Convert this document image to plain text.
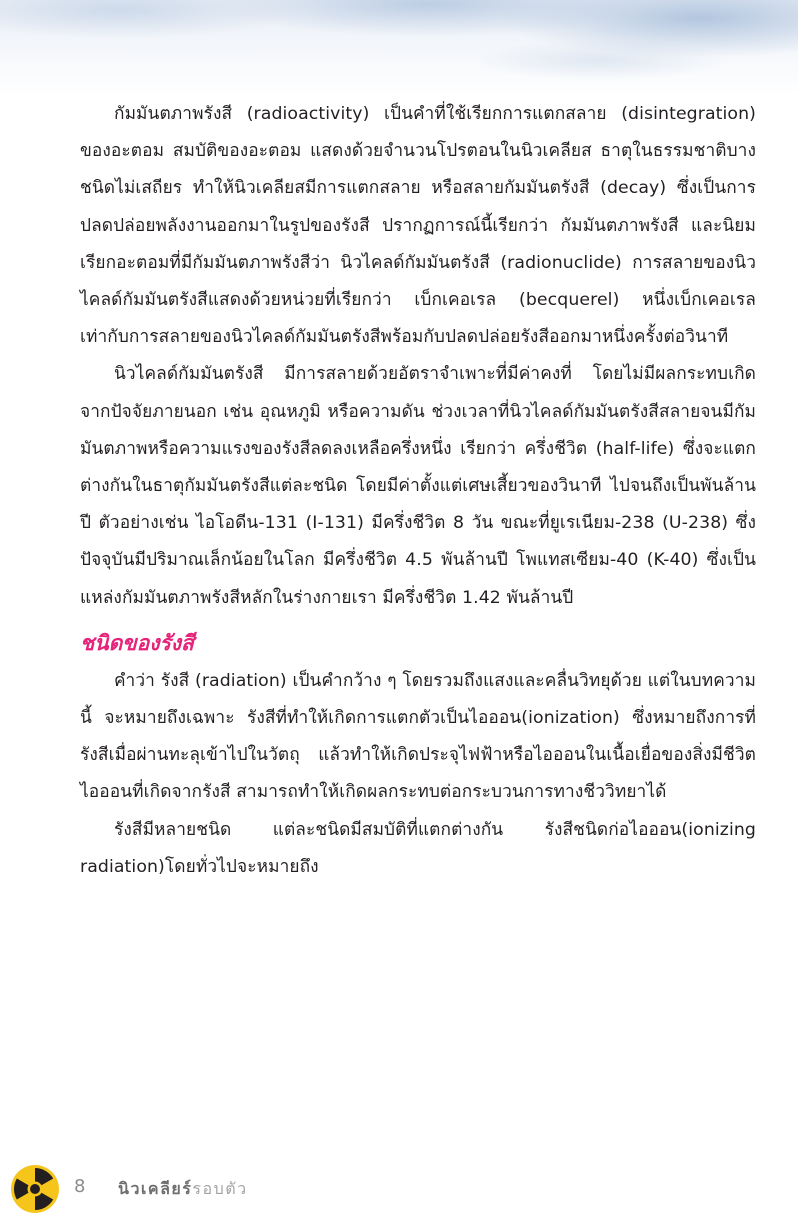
กัมมันตภาพรังสี (radioactivity) เป็นคำที่ใช้เรียกการแตกสลาย (disintegration) ของอะตอม สมบัติของอะตอม แสดงด้วยจำนวนโปรตอนในนิวเคลียส ธาตุในธรรมชาติบางชนิดไม่เสถียร ทำให้นิวเคลียสมีการแตกสลาย หรือสลายกัมมันตรังสี (decay) ซึ่งเป็นการปลดปล่อยพลังงานออกมาในรูปของรังสี ปรากฏการณ์นี้เรียกว่า กัมมันตภาพรังสี และนิยมเรียกอะตอมที่มีกัมมันตภาพรังสีว่า นิวไคลด์กัมมันตรังสี (radionuclide) การสลายของนิวไคลด์กัมมันตรังสีแสดงด้วยหน่วยที่เรียกว่า เบ็กเคอเรล (becquerel) หนึ่งเบ็กเคอเรล เท่ากับการสลายของนิวไคลด์กัมมันตรังสีพร้อมกับปลดปล่อยรังสีออกมาหนึ่งครั้งต่อวินาที

นิวไคลด์กัมมันตรังสี มีการสลายด้วยอัตราจำเพาะที่มีค่าคงที่ โดยไม่มีผลกระทบเกิดจากปัจจัยภายนอก เช่น อุณหภูมิ หรือความดัน ช่วงเวลาที่นิวไคลด์กัมมันตรังสีสลายจนมีกัมมันตภาพหรือความแรงของรังสีลดลงเหลือครึ่งหนึ่ง เรียกว่า ครึ่งชีวิต (half-life) ซึ่งจะแตกต่างกันในธาตุกัมมันตรังสีแต่ละชนิด โดยมีค่าตั้งแต่เศษเสี้ยวของวินาที ไปจนถึงเป็นพันล้านปี ตัวอย่างเช่น ไอโอดีน-131 (I-131) มีครึ่งชีวิต 8 วัน ขณะที่ยูเรเนียม-238 (U-238) ซึ่งปัจจุบันมีปริมาณเล็กน้อยในโลก มีครึ่งชีวิต 4.5 พันล้านปี โพแทสเซียม-40 (K-40) ซึ่งเป็นแหล่งกัมมันตภาพรังสีหลักในร่างกายเรา มีครึ่งชีวิต 1.42 พันล้านปี

ชนิดของรังสี

คำว่า รังสี (radiation) เป็นคำกว้าง ๆ โดยรวมถึงแสงและคลื่นวิทยุด้วย แต่ในบทความนี้ จะหมายถึงเฉพาะ รังสีที่ทำให้เกิดการแตกตัวเป็นไอออน(ionization) ซึ่งหมายถึงการที่รังสีเมื่อผ่านทะลุเข้าไปในวัตถุ แล้วทำให้เกิดประจุไฟฟ้าหรือไอออนในเนื้อเยื่อของสิ่งมีชีวิต ไอออนที่เกิดจากรังสี สามารถทำให้เกิดผลกระทบต่อกระบวนการทางชีววิทยาได้

รังสีมีหลายชนิด แต่ละชนิดมีสมบัติที่แตกต่างกัน รังสีชนิดก่อไอออน(ionizing radiation)โดยทั่วไปจะหมายถึง

8 นิวเคลียร์รอบตัว
